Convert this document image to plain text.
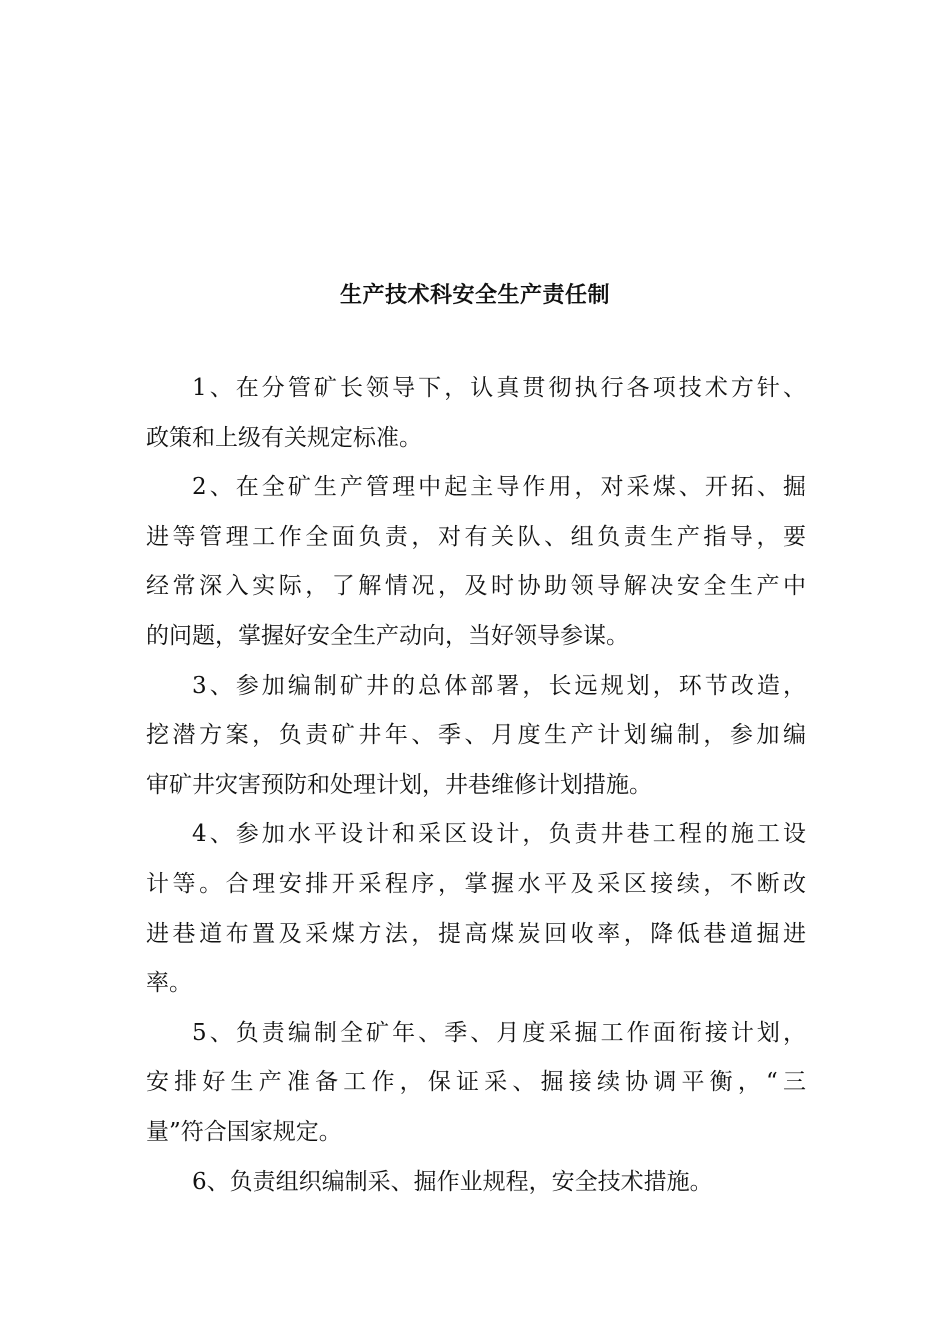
生产技术科安全生产责任制
1、在分管矿长领导下，认真贯彻执行各项技术方针、
政策和上级有关规定标准。
2、在全矿生产管理中起主导作用，对采煤、开拓、掘
进等管理工作全面负责，对有关队、组负责生产指导，要
经常深入实际，了解情况，及时协助领导解决安全生产中
的问题，掌握好安全生产动向，当好领导参谋。
3、参加编制矿井的总体部署，长远规划，环节改造，
挖潜方案，负责矿井年、季、月度生产计划编制，参加编
审矿井灾害预防和处理计划，井巷维修计划措施。
4、参加水平设计和采区设计，负责井巷工程的施工设
计等。合理安排开采程序，掌握水平及采区接续，不断改
进巷道布置及采煤方法，提高煤炭回收率，降低巷道掘进
率。
5、负责编制全矿年、季、月度采掘工作面衔接计划，
安排好生产准备工作，保证采、掘接续协调平衡，“三
量”符合国家规定。
6、负责组织编制采、掘作业规程，安全技术措施。
